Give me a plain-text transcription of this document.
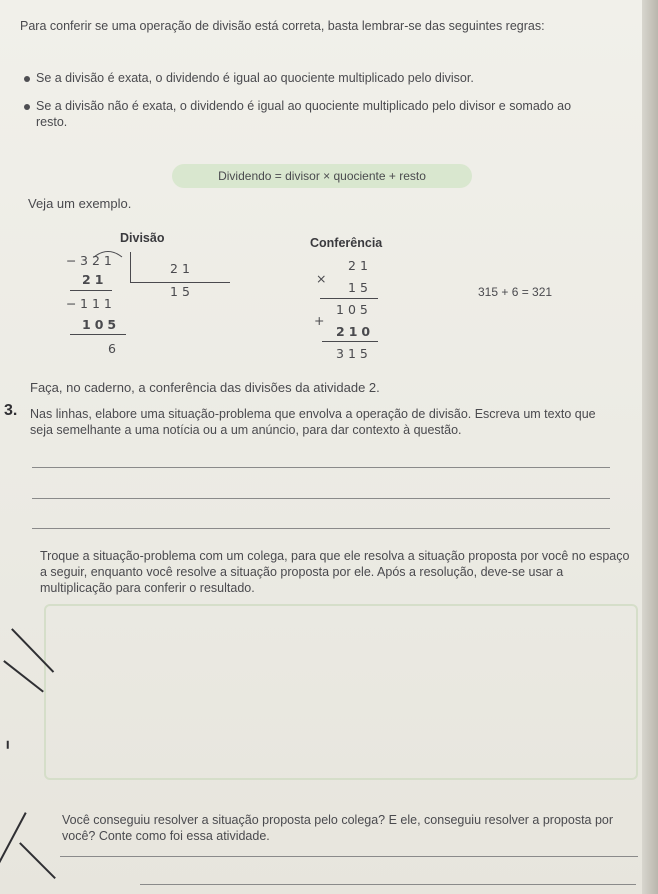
Para conferir se uma operação de divisão está correta, basta lembrar-se das seguintes regras:
Se a divisão é exata, o dividendo é igual ao quociente multiplicado pelo divisor.
Se a divisão não é exata, o dividendo é igual ao quociente multiplicado pelo divisor e somado ao resto.
Dividendo = divisor × quociente + resto
Veja um exemplo.
Divisão
− 321
21
15
21
− 111
105
6
Conferência
21
×
15
105
+
210
315
315 + 6 = 321
Faça, no caderno, a conferência das divisões da atividade 2.
3. Nas linhas, elabore uma situação-problema que envolva a operação de divisão. Escreva um texto que seja semelhante a uma notícia ou a um anúncio, para dar contexto à questão.
Troque a situação-problema com um colega, para que ele resolva a situação proposta por você no espaço a seguir, enquanto você resolve a situação proposta por ele. Após a resolução, deve-se usar a multiplicação para conferir o resultado.
Você conseguiu resolver a situação proposta pelo colega? E ele, conseguiu resolver a proposta por você? Conte como foi essa atividade.
